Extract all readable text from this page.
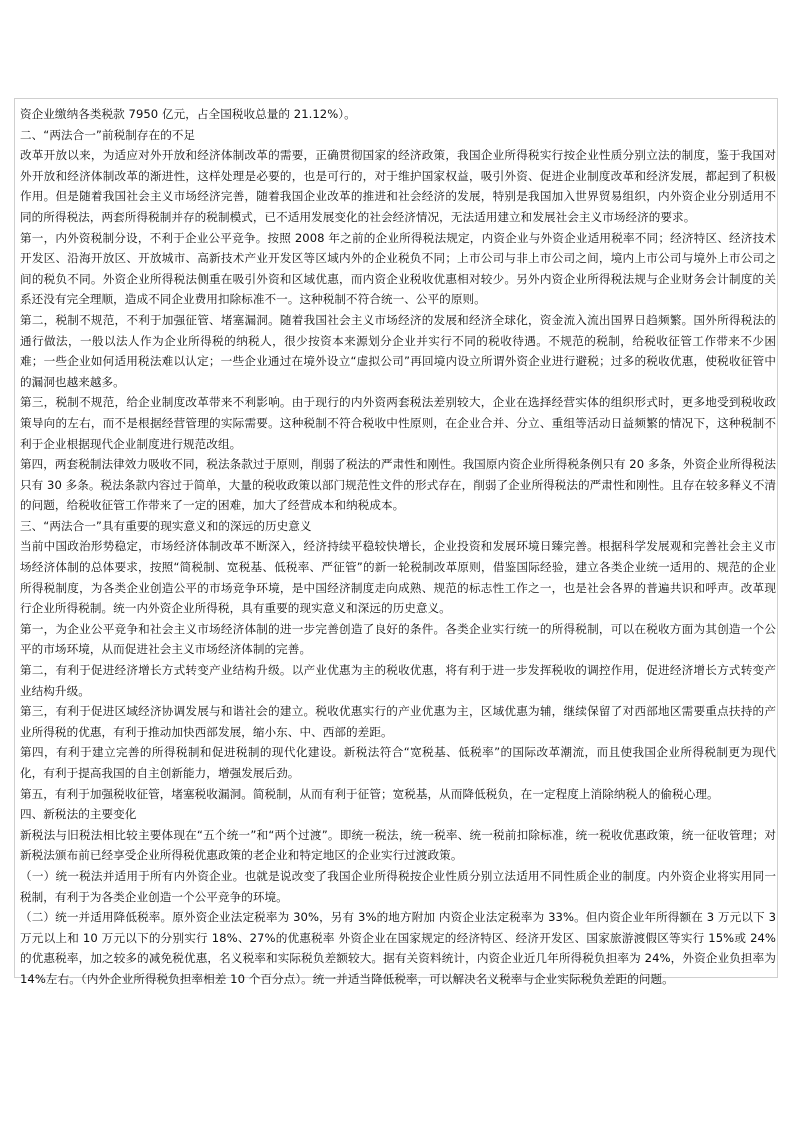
资企业缴纳各类税款 7950 亿元，占全国税收总量的 21.12%）。

二、“两法合一”前税制存在的不足

改革开放以来，为适应对外开放和经济体制改革的需要，正确贯彻国家的经济政策，我国企业所得税实行按企业性质分别立法的制度，鉴于我国对外开放和经济体制改革的渐进性，这样处理是必要的，也是可行的，对于维护国家权益，吸引外资、促进企业制度改革和经济发展，都起到了积极作用。但是随着我国社会主义市场经济完善，随着我国企业改革的推进和社会经济的发展，特别是我国加入世界贸易组织，内外资企业分别适用不同的所得税法，两套所得税制并存的税制模式，已不适用发展变化的社会经济情况，无法适用建立和发展社会主义市场经济的要求。

第一，内外资税制分设，不利于企业公平竞争。按照 2008 年之前的企业所得税法规定，内资企业与外资企业适用税率不同；经济特区、经济技术开发区、沿海开放区、开放城市、高新技术产业开发区等区域内外的企业税负不同；上市公司与非上市公司之间，境内上市公司与境外上市公司之间的税负不同。外资企业所得税法侧重在吸引外资和区域优惠，而内资企业税收优惠相对较少。另外内资企业所得税法规与企业财务会计制度的关系还没有完全理顺，造成不同企业费用扣除标准不一。这种税制不符合统一、公平的原则。

第二，税制不规范，不利于加强征管、堵塞漏洞。随着我国社会主义市场经济的发展和经济全球化，资金流入流出国界日趋频繁。国外所得税法的通行做法，一般以法人作为企业所得税的纳税人，很少按资本来源划分企业并实行不同的税收待遇。不规范的税制，给税收征管工作带来不少困难；一些企业如何适用税法难以认定；一些企业通过在境外设立“虚拟公司”再回境内设立所谓外资企业进行避税；过多的税收优惠，使税收征管中的漏洞也越来越多。

第三，税制不规范，给企业制度改革带来不利影响。由于现行的内外资两套税法差别较大，企业在选择经营实体的组织形式时，更多地受到税收政策导向的左右，而不是根据经营管理的实际需要。这种税制不符合税收中性原则，在企业合并、分立、重组等活动日益频繁的情况下，这种税制不利于企业根据现代企业制度进行规范改组。

第四，两套税制法律效力吸收不同，税法条款过于原则，削弱了税法的严肃性和刚性。我国原内资企业所得税条例只有 20 多条，外资企业所得税法只有 30 多条。税法条款内容过于简单，大量的税收政策以部门规范性文件的形式存在，削弱了企业所得税法的严肃性和刚性。且存在较多释义不清的问题，给税收征管工作带来了一定的困难，加大了经营成本和纳税成本。

三、“两法合一”具有重要的现实意义和的深远的历史意义

当前中国政治形势稳定，市场经济体制改革不断深入，经济持续平稳较快增长，企业投资和发展环境日臻完善。根据科学发展观和完善社会主义市场经济体制的总体要求，按照“简税制、宽税基、低税率、严征管”的新一轮税制改革原则，借鉴国际经验，建立各类企业统一适用的、规范的企业所得税制度，为各类企业创造公平的市场竞争环境，是中国经济制度走向成熟、规范的标志性工作之一，也是社会各界的普遍共识和呼声。改革现行企业所得税制。统一内外资企业所得税，具有重要的现实意义和深远的历史意义。

第一，为企业公平竞争和社会主义市场经济体制的进一步完善创造了良好的条件。各类企业实行统一的所得税制，可以在税收方面为其创造一个公平的市场环境，从而促进社会主义市场经济体制的完善。

第二，有利于促进经济增长方式转变产业结构升级。以产业优惠为主的税收优惠，将有利于进一步发挥税收的调控作用，促进经济增长方式转变产业结构升级。

第三，有利于促进区域经济协调发展与和谐社会的建立。税收优惠实行的产业优惠为主，区域优惠为辅，继续保留了对西部地区需要重点扶持的产业所得税的优惠，有利于推动加快西部发展，缩小东、中、西部的差距。

第四，有利于建立完善的所得税制和促进税制的现代化建设。新税法符合“宽税基、低税率”的国际改革潮流，而且使我国企业所得税制更为现代化，有利于提高我国的自主创新能力，增强发展后劲。

第五，有利于加强税收征管，堵塞税收漏洞。简税制，从而有利于征管；宽税基，从而降低税负，在一定程度上消除纳税人的偷税心理。

四、新税法的主要变化

新税法与旧税法相比较主要体现在“五个统一”和“两个过渡”。即统一税法，统一税率、统一税前扣除标准，统一税收优惠政策，统一征收管理；对新税法颁布前已经享受企业所得税优惠政策的老企业和特定地区的企业实行过渡政策。

（一）统一税法并适用于所有内外资企业。也就是说改变了我国企业所得税按企业性质分别立法适用不同性质企业的制度。内外资企业将实用同一税制，有利于为各类企业创造一个公平竞争的环境。

（二）统一并适用降低税率。原外资企业法定税率为 30%，另有 3%的地方附加 内资企业法定税率为 33%。但内资企业年所得额在 3 万元以下 3 万元以上和 10 万元以下的分别实行 18%、27%的优惠税率 外资企业在国家规定的经济特区、经济开发区、国家旅游渡假区等实行 15%或 24%的优惠税率，加之较多的减免税优惠，名义税率和实际税负差额较大。据有关资料统计，内资企业近几年所得税负担率为 24%，外资企业负担率为 14%左右。（内外企业所得税负担率相差 10 个百分点）。统一并适当降低税率，可以解决名义税率与企业实际税负差距的问题。
